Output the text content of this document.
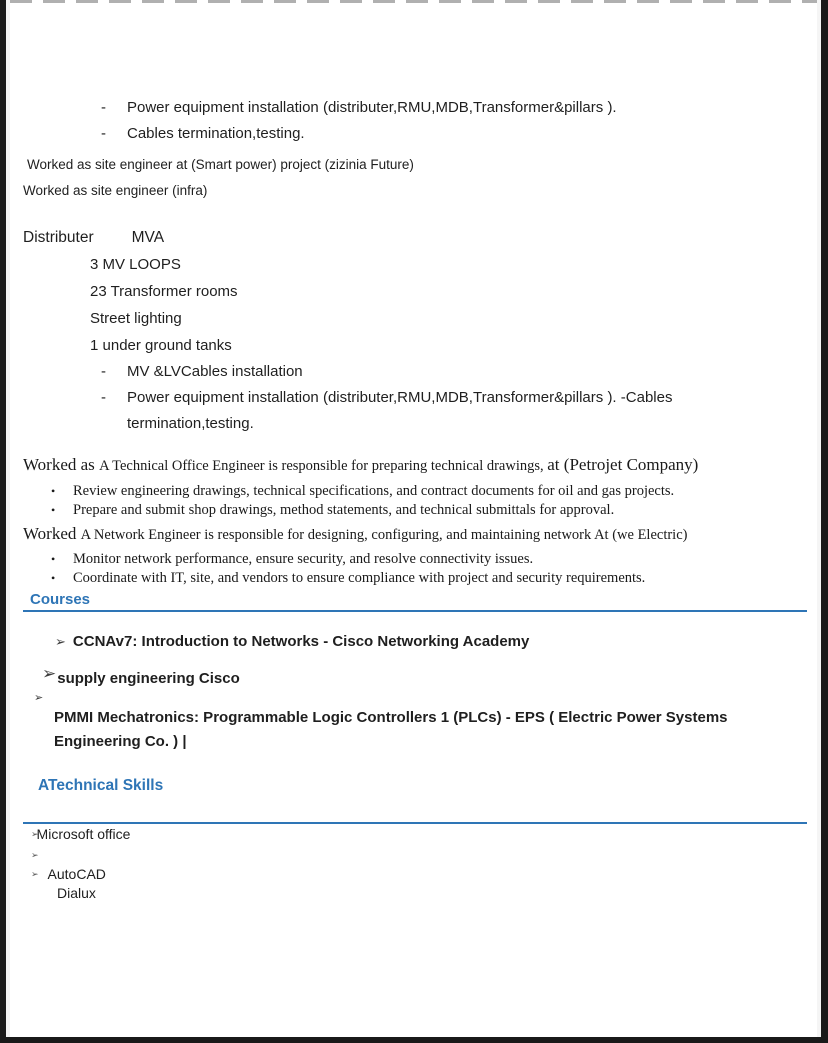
-	Power equipment installation (distributer,RMU,MDB,Transformer&pillars ).
-	Cables termination,testing.
Worked as site engineer at (Smart power) project (zizinia Future)
Worked as site engineer (infra)
Distributer MVA
3 MV LOOPS
23 Transformer rooms
Street lighting
1 under ground tanks
-	MV &LVCables installation
-	Power equipment installation (distributer,RMU,MDB,Transformer&pillars ). -Cables termination,testing.
Worked as A Technical Office Engineer is responsible for preparing technical drawings, at (Petrojet Company)
•	Review engineering drawings, technical specifications, and contract documents for oil and gas projects.
•	Prepare and submit shop drawings, method statements, and technical submittals for approval.
Worked A Network Engineer is responsible for designing, configuring, and maintaining network At (we Electric)
•	Monitor network performance, ensure security, and resolve connectivity issues.
•	Coordinate with IT, site, and vendors to ensure compliance with project and security requirements.
Courses
➢ CCNAv7: Introduction to Networks - Cisco Networking Academy
➢ supply engineering Cisco
➢
PMMI Mechatronics: Programmable Logic Controllers 1 (PLCs) - EPS ( Electric Power Systems Engineering Co. ) |
ATechnical Skills
➢
Microsoft office
➢
➢ AutoCAD
Dialux
